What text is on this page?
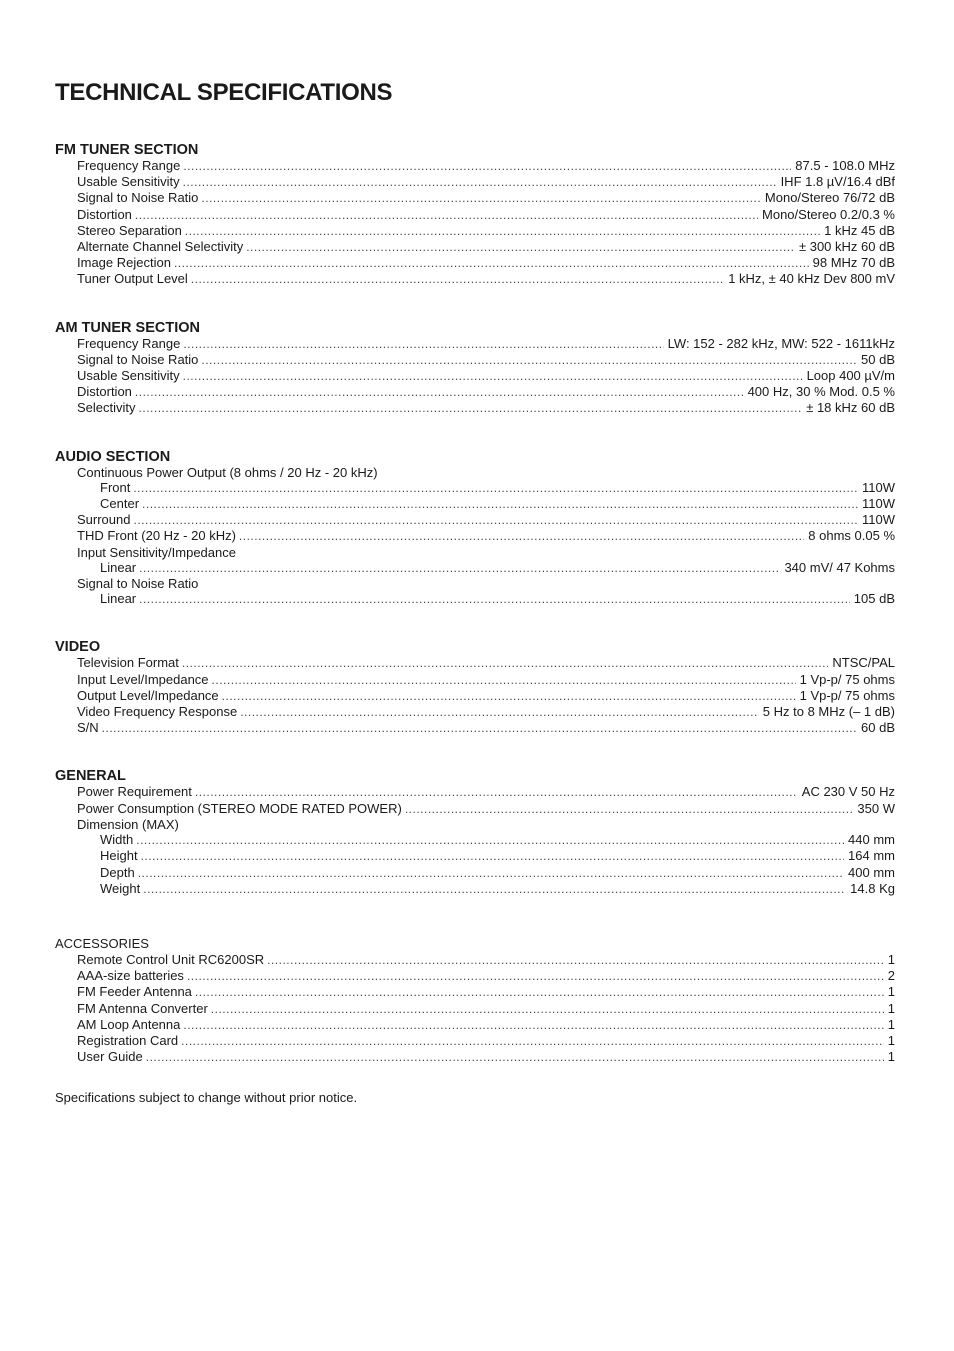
TECHNICAL SPECIFICATIONS
FM TUNER SECTION
Frequency Range .....	87.5 - 108.0 MHz
Usable Sensitivity .....	IHF 1.8 µV/16.4 dBf
Signal to Noise Ratio .....	Mono/Stereo 76/72 dB
Distortion .....	Mono/Stereo 0.2/0.3 %
Stereo Separation .....	1 kHz 45 dB
Alternate Channel Selectivity .....	± 300 kHz 60 dB
Image Rejection .....	98 MHz 70 dB
Tuner Output Level .....	1 kHz, ± 40 kHz Dev 800 mV
AM TUNER SECTION
Frequency Range .....	LW: 152 - 282 kHz, MW: 522 - 1611kHz
Signal to Noise Ratio .....	50 dB
Usable Sensitivity .....	Loop 400 µV/m
Distortion .....	400 Hz, 30 % Mod. 0.5 %
Selectivity .....	± 18 kHz 60 dB
AUDIO SECTION
Continuous Power Output (8 ohms / 20 Hz - 20 kHz)
Front .....	110W
Center .....	110W
Surround .....	110W
THD Front (20 Hz - 20 kHz) .....	8 ohms 0.05 %
Input Sensitivity/Impedance
Linear .....	340 mV/ 47 Kohms
Signal to Noise Ratio
Linear .....	105 dB
VIDEO
Television Format .....	NTSC/PAL
Input Level/Impedance .....	1 Vp-p/ 75 ohms
Output Level/Impedance .....	1 Vp-p/ 75 ohms
Video Frequency Response .....	5 Hz to 8 MHz (– 1 dB)
S/N .....	60 dB
GENERAL
Power Requirement .....	AC 230 V 50 Hz
Power Consumption (STEREO MODE RATED POWER) .....	350 W
Dimension (MAX)
Width .....	440 mm
Height .....	164 mm
Depth .....	400 mm
Weight .....	14.8 Kg
ACCESSORIES
Remote Control Unit RC6200SR .....	1
AAA-size batteries .....	2
FM Feeder Antenna .....	1
FM Antenna Converter .....	1
AM Loop Antenna .....	1
Registration Card .....	1
User Guide .....	1

Specifications subject to change without prior notice.
